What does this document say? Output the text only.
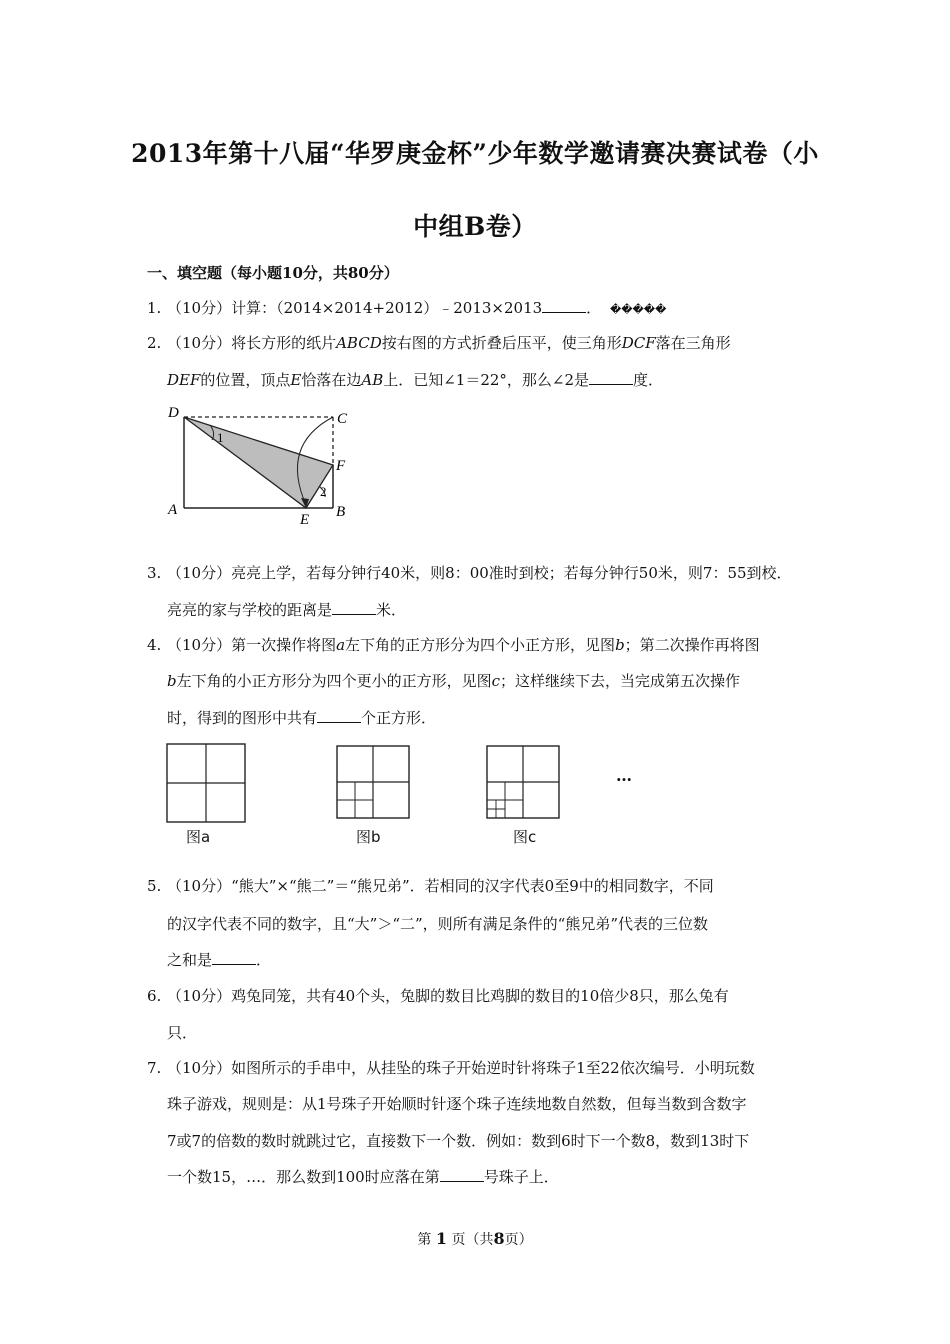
2013年第十八届“华罗庚金杯”少年数学邀请赛决赛试卷（小
中组B卷）
一、填空题（每小题10分，共80分）
1. （10分）计算：（2014×2014+2012）﹣2013×2013	． �����
2. （10分）将长方形的纸片ABCD按右图的方式折叠后压平，使三角形DCF落在三角形
DEF的位置，顶点E恰落在边AB上．已知∠1＝22°，那么∠2是	度．
D	C
F
A
E B
1
2
3. （10分）亮亮上学，若每分钟行40米，则8：00准时到校；若每分钟行50米，则7：55到校．
亮亮的家与学校的距离是	米．
4. （10分）第一次操作将图a左下角的正方形分为四个小正方形，见图b；第二次操作再将图
b左下角的小正方形分为四个更小的正方形，见图c；这样继续下去，当完成第五次操作
时，得到的图形中共有	个正方形．
图a	图b	图c
…
5. （10分）“熊大”×“熊二”＝“熊兄弟”．若相同的汉字代表0至9中的相同数字，不同
的汉字代表不同的数字，且“大”＞“二”，则所有满足条件的“熊兄弟”代表的三位数
之和是	．
6. （10分）鸡兔同笼，共有40个头，兔脚的数目比鸡脚的数目的10倍少8只，那么兔有
只．
7. （10分）如图所示的手串中，从挂坠的珠子开始逆时针将珠子1至22依次编号．小明玩数
珠子游戏，规则是：从1号珠子开始顺时针逐个珠子连续地数自然数，但每当数到含数字
7或7的倍数的数时就跳过它，直接数下一个数．例如：数到6时下一个数8，数到13时下
一个数15，…．那么数到100时应落在第	号珠子上．
第 1 页（共8页）
